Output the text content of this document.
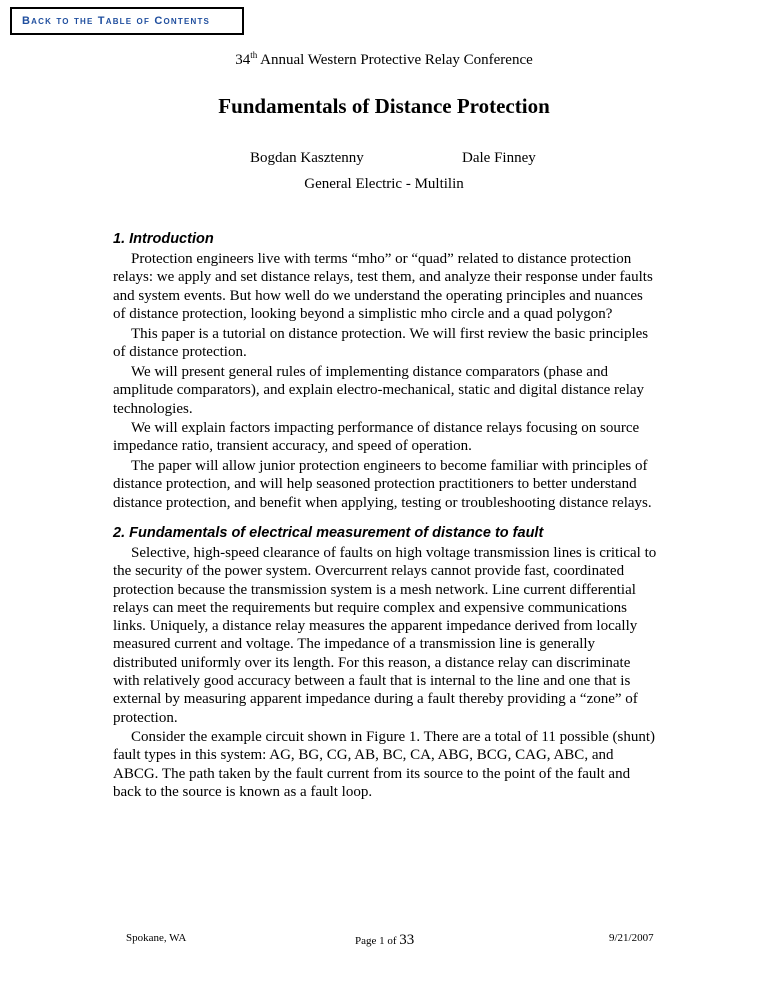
Back to the Table of Contents
34th Annual Western Protective Relay Conference
Fundamentals of Distance Protection
Bogdan Kasztenny	Dale Finney
General Electric - Multilin
1. Introduction
Protection engineers live with terms “mho” or “quad” related to distance protection relays: we apply and set distance relays, test them, and analyze their response under faults and system events. But how well do we understand the operating principles and nuances of distance protection, looking beyond a simplistic mho circle and a quad polygon?
This paper is a tutorial on distance protection. We will first review the basic principles of distance protection.
We will present general rules of implementing distance comparators (phase and amplitude comparators), and explain electro-mechanical, static and digital distance relay technologies.
We will explain factors impacting performance of distance relays focusing on source impedance ratio, transient accuracy, and speed of operation.
The paper will allow junior protection engineers to become familiar with principles of distance protection, and will help seasoned protection practitioners to better understand distance protection, and benefit when applying, testing or troubleshooting distance relays.
2. Fundamentals of electrical measurement of distance to fault
Selective, high-speed clearance of faults on high voltage transmission lines is critical to the security of the power system. Overcurrent relays cannot provide fast, coordinated protection because the transmission system is a mesh network. Line current differential relays can meet the requirements but require complex and expensive communications links. Uniquely, a distance relay measures the apparent impedance derived from locally measured current and voltage. The impedance of a transmission line is generally distributed uniformly over its length. For this reason, a distance relay can discriminate with relatively good accuracy between a fault that is internal to the line and one that is external by measuring apparent impedance during a fault thereby providing a “zone” of protection.
Consider the example circuit shown in Figure 1. There are a total of 11 possible (shunt) fault types in this system: AG, BG, CG, AB, BC, CA, ABG, BCG, CAG, ABC, and ABCG. The path taken by the fault current from its source to the point of the fault and back to the source is known as a fault loop.
Spokane, WA	Page 1 of 33	9/21/2007
